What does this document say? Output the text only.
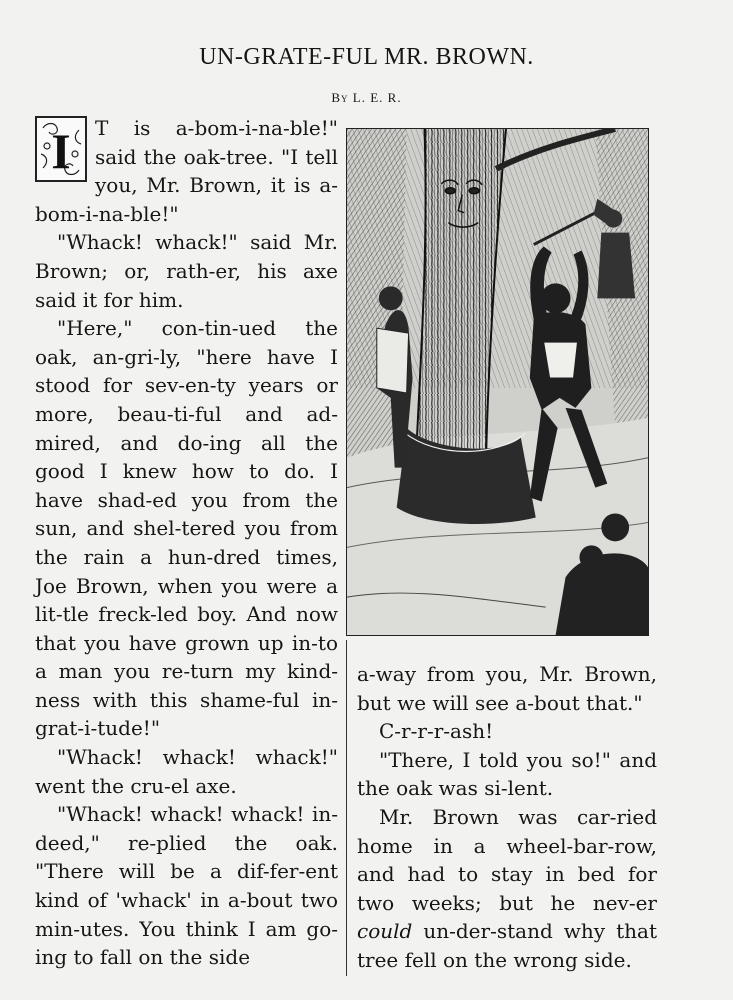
UN-GRATE-FUL MR. BROWN.
By L. E. R.

I T is a-bom-i-na-ble!" said the oak-tree. "I tell you, Mr. Brown, it is a-bom-i-na-ble!"

"Whack! whack!" said Mr. Brown; or, rath-er, his axe said it for him.

"Here," con-tin-ued the oak, an-gri-ly, "here have I stood for sev-en-ty years or more, beau-ti-ful and ad-mired, and do-ing all the good I knew how to do. I have shad-ed you from the sun, and shel-tered you from the rain a hun-dred times, Joe Brown, when you were a lit-tle freck-led boy. And now that you have grown up in-to a man you re-turn my kind-ness with this shame-ful in-grat-i-tude!"

"Whack! whack! whack!" went the cru-el axe.

"Whack! whack! whack! in-deed," re-plied the oak. "There will be a dif-fer-ent kind of 'whack' in a-bout two min-utes. You think I am go-ing to fall on the side

a-way from you, Mr. Brown, but we will see a-bout that."

C-r-r-r-ash!

"There, I told you so!" and the oak was si-lent.

Mr. Brown was car-ried home in a wheel-bar-row, and had to stay in bed for two weeks; but he nev-er could un-der-stand why that tree fell on the wrong side.
